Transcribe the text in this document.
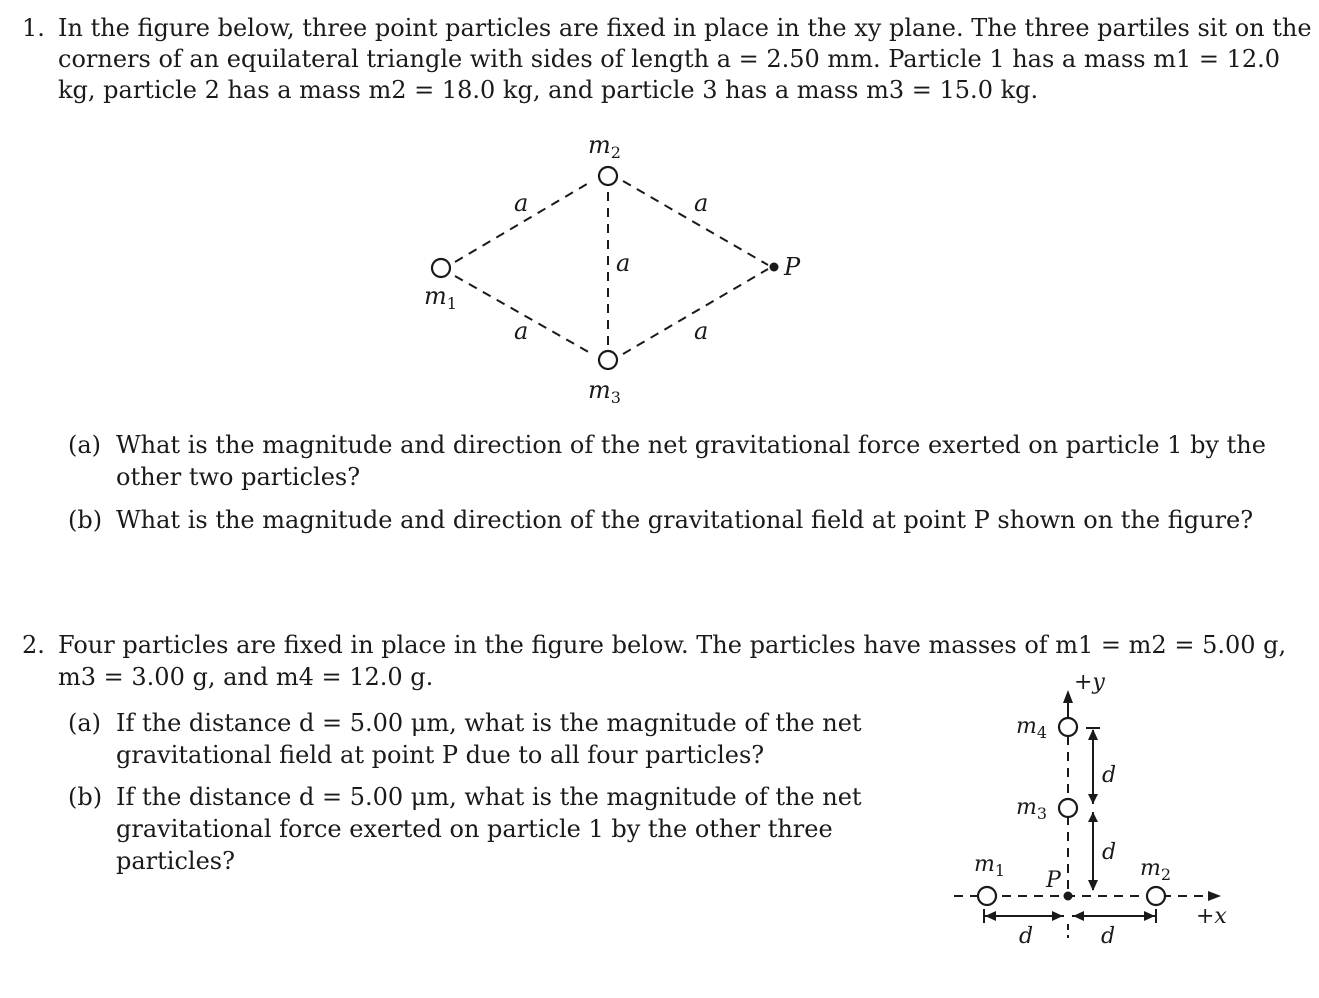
1. In the figure below, three point particles are fixed in place in the xy plane. The three partiles sit on the
corners of an equilateral triangle with sides of length a = 2.50 mm. Particle 1 has a mass m1 = 12.0
kg, particle 2 has a mass m2 = 18.0 kg, and particle 3 has a mass m3 = 15.0 kg.
$m_2$
$m_1$
$m_3$
a	a
a
a	a
P
(a) What is the magnitude and direction of the net gravitational force exerted on particle 1 by the
other two particles?
(b) What is the magnitude and direction of the gravitational field at point P shown on the figure?
2. Four particles are fixed in place in the figure below. The particles have masses of m1 = m2 = 5.00 g,
m3 = 3.00 g, and m4 = 12.0 g.
(a) If the distance d = 5.00 μm, what is the magnitude of the net
gravitational field at point P due to all four particles?
(b) If the distance d = 5.00 μm, what is the magnitude of the net
gravitational force exerted on particle 1 by the other three
particles?
+y
$m_4$
$m_3$
$m_1$	$m_2$
P
d
d
d	d
+x
